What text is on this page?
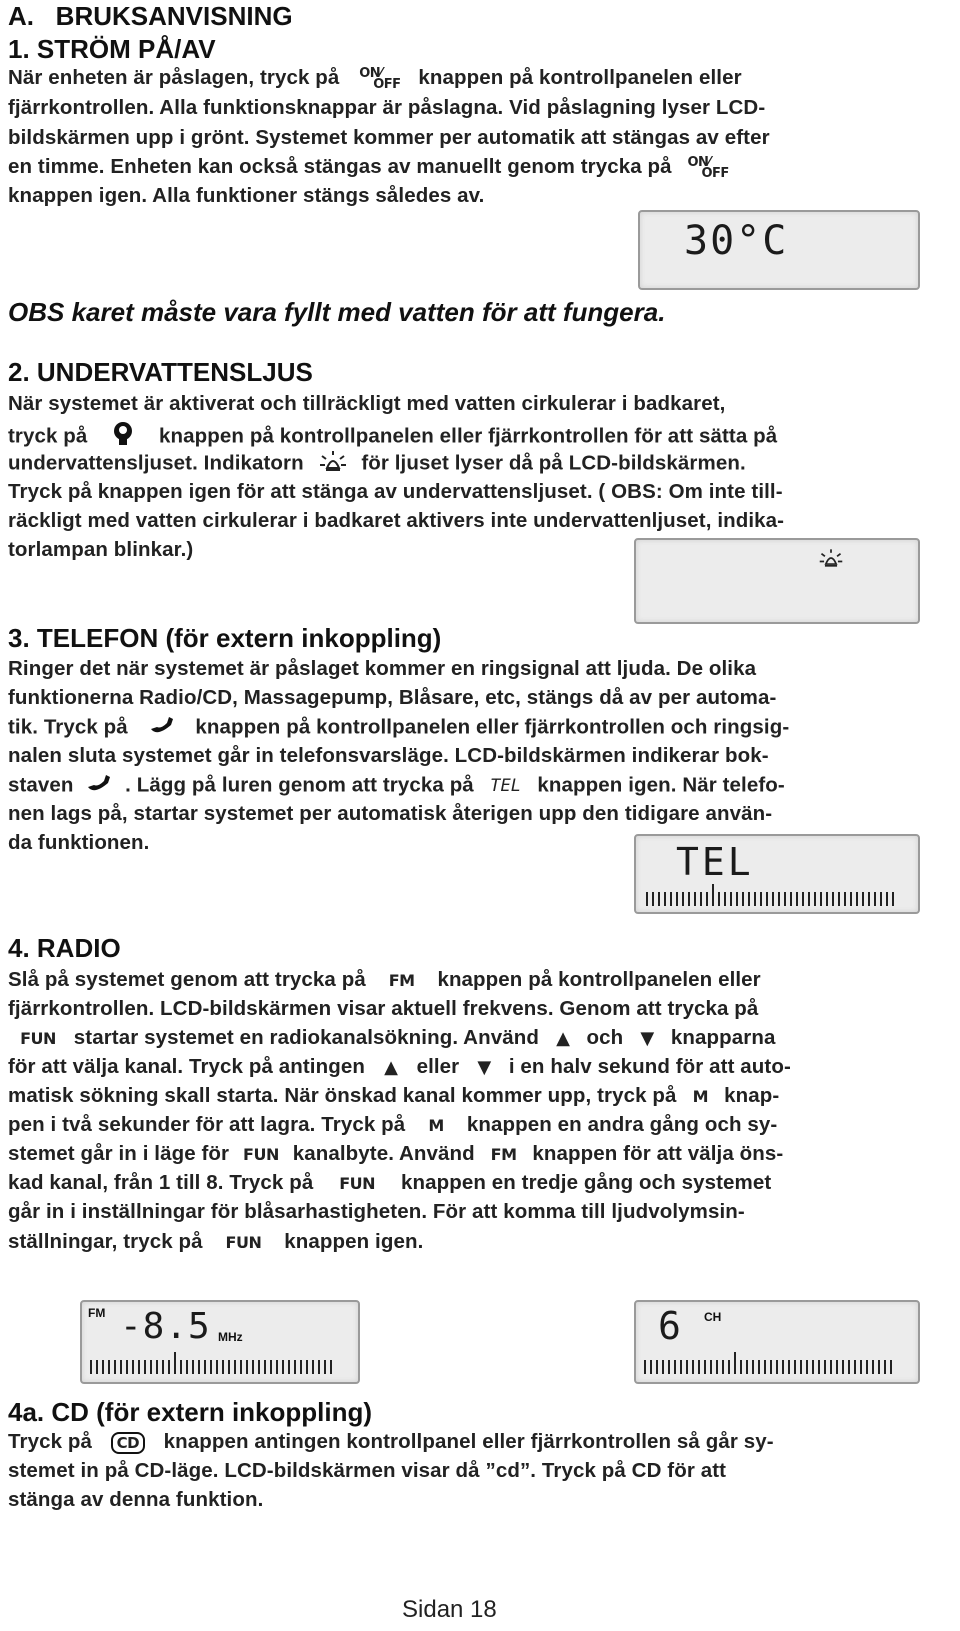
A.   BRUKSANVISNING
1. STRÖM PÅ/AV
När enheten är påslagen, tryck på ON⁄
OFF knappen på kontrollpanelen eller
fjärrkontrollen. Alla funktionsknappar är påslagna. Vid påslagning lyser LCD-
bildskärmen upp i grönt. Systemet kommer per automatik att stängas av efter
en timme. Enheten kan också stängas av manuellt genom trycka på ON⁄
OFF
knappen igen. Alla funktioner stängs således av.
30°C
OBS karet måste vara fyllt med vatten för att fungera.
2. UNDERVATTENSLJUS
När systemet är aktiverat och tillräckligt med vatten cirkulerar i badkaret,
tryck på	knappen på kontrollpanelen eller fjärrkontrollen för att sätta på
undervattensljuset. Indikatorn	för ljuset lyser då på LCD-bildskärmen.
Tryck på knappen igen för att stänga av undervattensljuset. ( OBS: Om inte till-
räckligt med vatten cirkulerar i badkaret aktivers inte undervattenljuset, indika-
torlampan blinkar.)
3. TELEFON (för extern inkoppling)
Ringer det när systemet är påslaget kommer en ringsignal att ljuda. De olika
funktionerna Radio/CD, Massagepump, Blåsare, etc, stängs då av per automa-
tik. Tryck på	knappen på kontrollpanelen eller fjärrkontrollen och ringsig-
nalen sluta systemet går in telefonsvarsläge. LCD-bildskärmen indikerar bok-
staven	. Lägg på luren genom att trycka på TEL knappen igen. När telefo-
nen lags på, startar systemet per automatisk återigen upp den tidigare använ-
da funktionen.	TEL
4. RADIO
Slå på systemet genom att trycka på FM knappen på kontrollpanelen eller
fjärrkontrollen. LCD-bildskärmen visar aktuell frekvens. Genom att trycka på
FUN startar systemet en radiokanalsökning. Använd ▲ och ▼ knapparna
för att välja kanal. Tryck på antingen ▲ eller ▼ i en halv sekund för att auto-
matisk sökning skall starta. När önskad kanal kommer upp, tryck på M knap-
pen i två sekunder för att lagra. Tryck på M knappen en andra gång och sy-
stemet går in i läge för FUN kanalbyte. Använd FM knappen för att välja öns-
kad kanal, från 1 till 8. Tryck på FUN knappen en tredje gång och systemet
går in i inställningar för blåsarhastigheten. För att komma till ljudvolymsin-
ställningar, tryck på FUN knappen igen.
FM -8.5 MHz	6 CH
4a. CD (för extern inkoppling)
Tryck på CD knappen antingen kontrollpanel eller fjärrkontrollen så går sy-
stemet in på CD-läge. LCD-bildskärmen visar då ”cd”. Tryck på CD för att
stänga av denna funktion.
Sidan 18
